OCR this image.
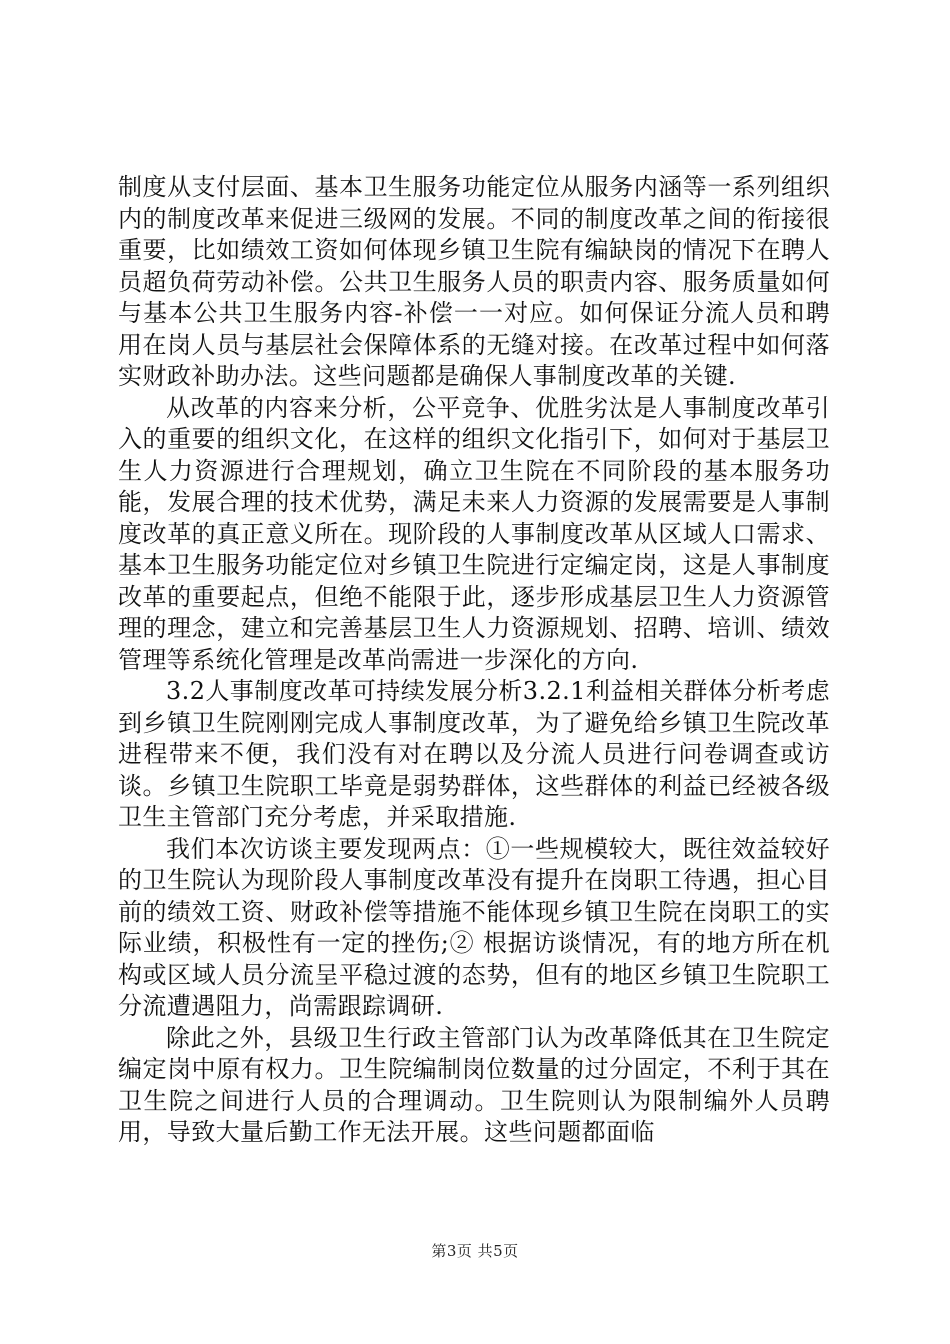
制度从支付层面、基本卫生服务功能定位从服务内涵等一系列组织内的制度改革来促进三级网的发展。不同的制度改革之间的衔接很重要，比如绩效工资如何体现乡镇卫生院有编缺岗的情况下在聘人员超负荷劳动补偿。公共卫生服务人员的职责内容、服务质量如何与基本公共卫生服务内容-补偿一一对应。如何保证分流人员和聘用在岗人员与基层社会保障体系的无缝对接。在改革过程中如何落实财政补助办法。这些问题都是确保人事制度改革的关键.

从改革的内容来分析，公平竞争、优胜劣汰是人事制度改革引入的重要的组织文化，在这样的组织文化指引下，如何对于基层卫生人力资源进行合理规划，确立卫生院在不同阶段的基本服务功能，发展合理的技术优势，满足未来人力资源的发展需要是人事制度改革的真正意义所在。现阶段的人事制度改革从区域人口需求、基本卫生服务功能定位对乡镇卫生院进行定编定岗，这是人事制度改革的重要起点，但绝不能限于此，逐步形成基层卫生人力资源管理的理念，建立和完善基层卫生人力资源规划、招聘、培训、绩效管理等系统化管理是改革尚需进一步深化的方向.

3.2人事制度改革可持续发展分析3.2.1利益相关群体分析考虑到乡镇卫生院刚刚完成人事制度改革，为了避免给乡镇卫生院改革进程带来不便，我们没有对在聘以及分流人员进行问卷调查或访谈。乡镇卫生院职工毕竟是弱势群体，这些群体的利益已经被各级卫生主管部门充分考虑，并采取措施.

我们本次访谈主要发现两点：①一些规模较大，既往效益较好的卫生院认为现阶段人事制度改革没有提升在岗职工待遇，担心目前的绩效工资、财政补偿等措施不能体现乡镇卫生院在岗职工的实际业绩，积极性有一定的挫伤;② 根据访谈情况，有的地方所在机构或区域人员分流呈平稳过渡的态势，但有的地区乡镇卫生院职工分流遭遇阻力，尚需跟踪调研.

除此之外，县级卫生行政主管部门认为改革降低其在卫生院定编定岗中原有权力。卫生院编制岗位数量的过分固定，不利于其在卫生院之间进行人员的合理调动。卫生院则认为限制编外人员聘用，导致大量后勤工作无法开展。这些问题都面临

第3页 共5页
